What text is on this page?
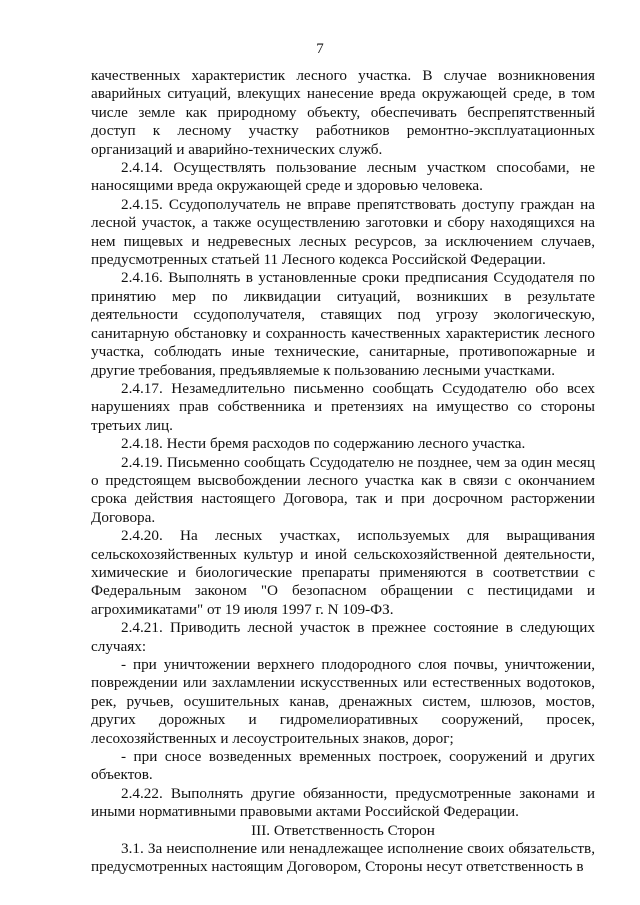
7

качественных характеристик лесного участка. В случае возникновения аварийных ситуаций, влекущих нанесение вреда окружающей среде, в том числе земле как природному объекту, обеспечивать беспрепятственный доступ к лесному участку работников ремонтно-эксплуатационных организаций и аварийно-технических служб.

2.4.14. Осуществлять пользование лесным участком способами, не наносящими вреда окружающей среде и здоровью человека.

2.4.15. Ссудополучатель не вправе препятствовать доступу граждан на лесной участок, а также осуществлению заготовки и сбору находящихся на нем пищевых и недревесных лесных ресурсов, за исключением случаев, предусмотренных статьей 11 Лесного кодекса Российской Федерации.

2.4.16. Выполнять в установленные сроки предписания Ссудодателя по принятию мер по ликвидации ситуаций, возникших в результате деятельности ссудополучателя, ставящих под угрозу экологическую, санитарную обстановку и сохранность качественных характеристик лесного участка, соблюдать иные технические, санитарные, противопожарные и другие требования, предъявляемые к пользованию лесными участками.

2.4.17. Незамедлительно письменно сообщать Ссудодателю обо всех нарушениях прав собственника и претензиях на имущество со стороны третьих лиц.

2.4.18. Нести бремя расходов по содержанию лесного участка.

2.4.19. Письменно сообщать Ссудодателю не позднее, чем за один месяц о предстоящем высвобождении лесного участка как в связи с окончанием срока действия настоящего Договора, так и при досрочном расторжении Договора.

2.4.20. На лесных участках, используемых для выращивания сельскохозяйственных культур и иной сельскохозяйственной деятельности, химические и биологические препараты применяются в соответствии с Федеральным законом "О безопасном обращении с пестицидами и агрохимикатами" от 19 июля 1997 г. N 109-ФЗ.

2.4.21. Приводить лесной участок в прежнее состояние в следующих случаях:

- при уничтожении верхнего плодородного слоя почвы, уничтожении, повреждении или захламлении искусственных или естественных водотоков, рек, ручьев, осушительных канав, дренажных систем, шлюзов, мостов, других дорожных и гидромелиоративных сооружений, просек, лесохозяйственных и лесоустроительных знаков, дорог;

- при сносе возведенных временных построек, сооружений и других объектов.

2.4.22. Выполнять другие обязанности, предусмотренные законами и иными нормативными правовыми актами Российской Федерации.

III. Ответственность Сторон

3.1. За неисполнение или ненадлежащее исполнение своих обязательств, предусмотренных настоящим Договором, Стороны несут ответственность в
